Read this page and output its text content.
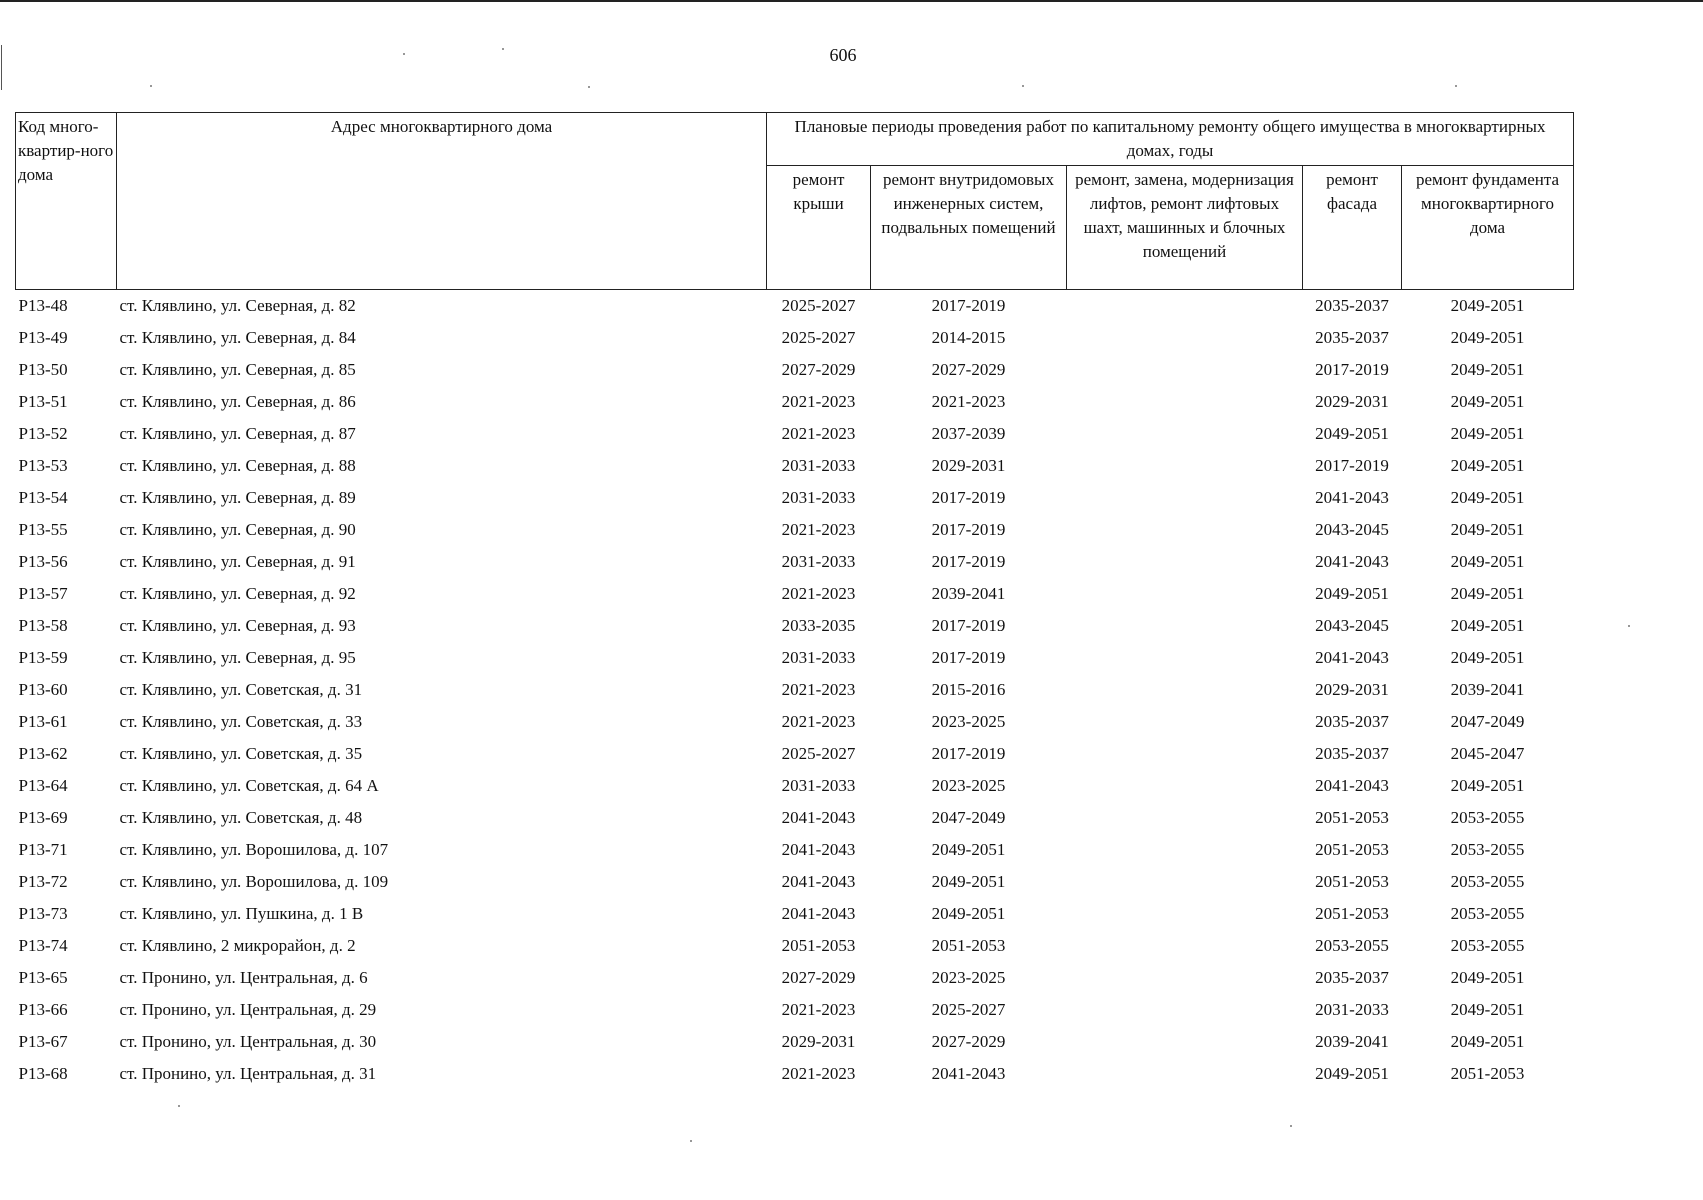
606
Код много-квартир-ного дома	Адрес многоквартирного дома	Плановые периоды проведения работ по капитальному ремонту общего имущества в многоквартирных домах, годы				
		ремонт крыши	ремонт внутридомовых инженерных систем, подвальных помещений	ремонт, замена, модернизация лифтов, ремонт лифтовых шахт, машинных и блочных помещений	ремонт фасада	ремонт фундамента многоквартирного дома
Р13-48	ст. Клявлино, ул. Северная, д. 82	2025-2027	2017-2019		2035-2037	2049-2051
Р13-49	ст. Клявлино, ул. Северная, д. 84	2025-2027	2014-2015		2035-2037	2049-2051
Р13-50	ст. Клявлино, ул. Северная, д. 85	2027-2029	2027-2029		2017-2019	2049-2051
Р13-51	ст. Клявлино, ул. Северная, д. 86	2021-2023	2021-2023		2029-2031	2049-2051
Р13-52	ст. Клявлино, ул. Северная, д. 87	2021-2023	2037-2039		2049-2051	2049-2051
Р13-53	ст. Клявлино, ул. Северная, д. 88	2031-2033	2029-2031		2017-2019	2049-2051
Р13-54	ст. Клявлино, ул. Северная, д. 89	2031-2033	2017-2019		2041-2043	2049-2051
Р13-55	ст. Клявлино, ул. Северная, д. 90	2021-2023	2017-2019		2043-2045	2049-2051
Р13-56	ст. Клявлино, ул. Северная, д. 91	2031-2033	2017-2019		2041-2043	2049-2051
Р13-57	ст. Клявлино, ул. Северная, д. 92	2021-2023	2039-2041		2049-2051	2049-2051
Р13-58	ст. Клявлино, ул. Северная, д. 93	2033-2035	2017-2019		2043-2045	2049-2051
Р13-59	ст. Клявлино, ул. Северная, д. 95	2031-2033	2017-2019		2041-2043	2049-2051
Р13-60	ст. Клявлино, ул. Советская, д. 31	2021-2023	2015-2016		2029-2031	2039-2041
Р13-61	ст. Клявлино, ул. Советская, д. 33	2021-2023	2023-2025		2035-2037	2047-2049
Р13-62	ст. Клявлино, ул. Советская, д. 35	2025-2027	2017-2019		2035-2037	2045-2047
Р13-64	ст. Клявлино, ул. Советская, д. 64 А	2031-2033	2023-2025		2041-2043	2049-2051
Р13-69	ст. Клявлино, ул. Советская, д. 48	2041-2043	2047-2049		2051-2053	2053-2055
Р13-71	ст. Клявлино, ул. Ворошилова, д. 107	2041-2043	2049-2051		2051-2053	2053-2055
Р13-72	ст. Клявлино, ул. Ворошилова, д. 109	2041-2043	2049-2051		2051-2053	2053-2055
Р13-73	ст. Клявлино, ул. Пушкина, д. 1 В	2041-2043	2049-2051		2051-2053	2053-2055
Р13-74	ст. Клявлино, 2 микрорайон, д. 2	2051-2053	2051-2053		2053-2055	2053-2055
Р13-65	ст. Пронино, ул. Центральная, д. 6	2027-2029	2023-2025		2035-2037	2049-2051
Р13-66	ст. Пронино, ул. Центральная, д. 29	2021-2023	2025-2027		2031-2033	2049-2051
Р13-67	ст. Пронино, ул. Центральная, д. 30	2029-2031	2027-2029		2039-2041	2049-2051
Р13-68	ст. Пронино, ул. Центральная, д. 31	2021-2023	2041-2043		2049-2051	2051-2053
